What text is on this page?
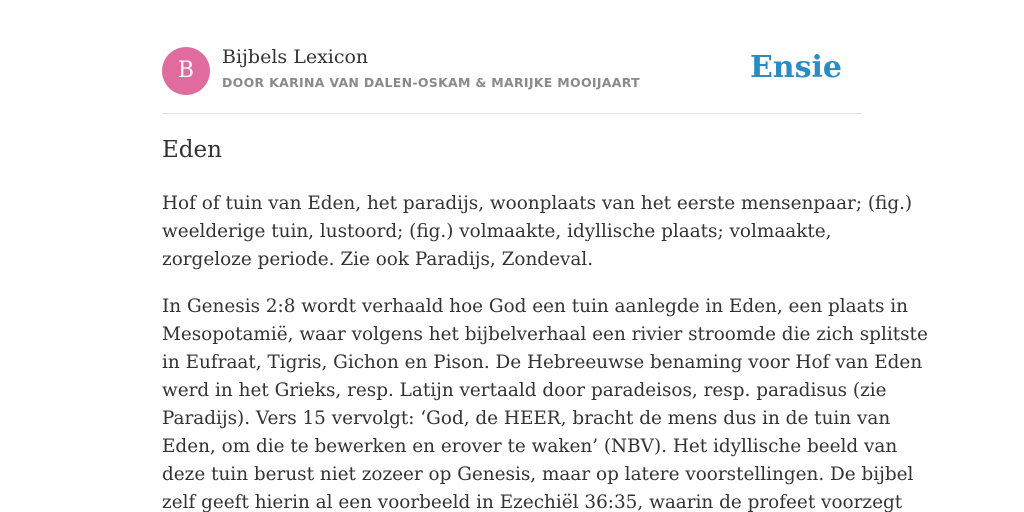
B
Bijbels Lexicon
DOOR KARINA VAN DALEN-OSKAM & MARIJKE MOOIJAART	Ensie
Eden

Hof of tuin van Eden, het paradijs, woonplaats van het eerste mensenpaar; (fig.)
weelderige tuin, lustoord; (fig.) volmaakte, idyllische plaats; volmaakte,
zorgeloze periode. Zie ook Paradijs, Zondeval.

In Genesis 2:8 wordt verhaald hoe God een tuin aanlegde in Eden, een plaats in
Mesopotamië, waar volgens het bijbelverhaal een rivier stroomde die zich splitste
in Eufraat, Tigris, Gichon en Pison. De Hebreeuwse benaming voor Hof van Eden
werd in het Grieks, resp. Latijn vertaald door paradeisos, resp. paradisus (zie
Paradijs). Vers 15 vervolgt: ‘God, de HEER, bracht de mens dus in de tuin van
Eden, om die te bewerken en erover te waken’ (NBV). Het idyllische beeld van
deze tuin berust niet zozeer op Genesis, maar op latere voorstellingen. De bijbel
zelf geeft hierin al een voorbeeld in Ezechiël 36:35, waarin de profeet voorzegt
